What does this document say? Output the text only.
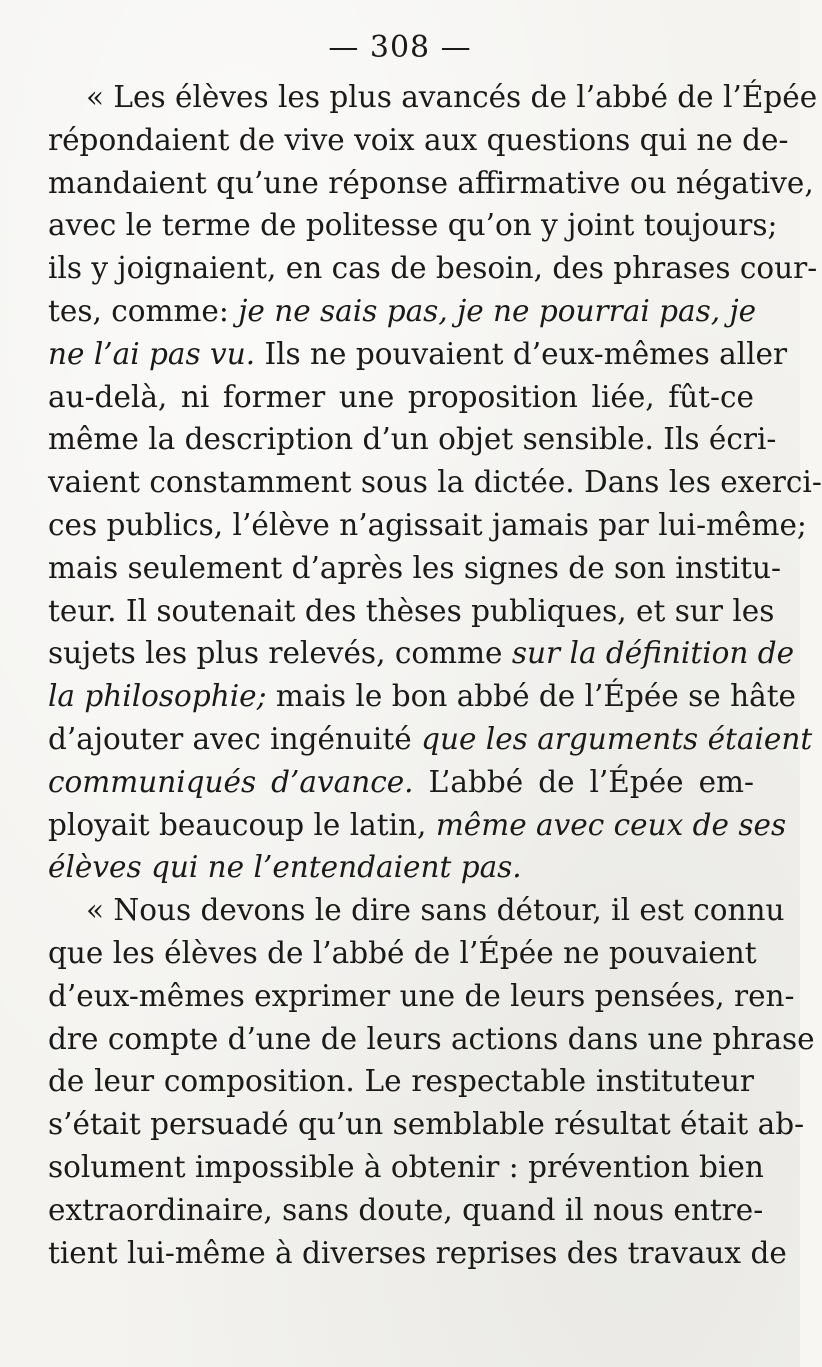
— 308 —
« Les élèves les plus avancés de l’abbé de l’Épée
répondaient de vive voix aux questions qui ne de-
mandaient qu’une réponse affirmative ou négative,
avec le terme de politesse qu’on y joint toujours;
ils y joignaient, en cas de besoin, des phrases cour-
tes, comme: je ne sais pas, je ne pourrai pas, je
ne l’ai pas vu. Ils ne pouvaient d’eux-mêmes aller
au-delà, ni former une proposition liée, fût-ce
même la description d’un objet sensible. Ils écri-
vaient constamment sous la dictée. Dans les exerci-
ces publics, l’élève n’agissait jamais par lui-même;
mais seulement d’après les signes de son institu-
teur. Il soutenait des thèses publiques, et sur les
sujets les plus relevés, comme sur la définition de
la philosophie; mais le bon abbé de l’Épée se hâte
d’ajouter avec ingénuité que les arguments étaient
communiqués d’avance. L’abbé de l’Épée em-
ployait beaucoup le latin, même avec ceux de ses
élèves qui ne l’entendaient pas.
« Nous devons le dire sans détour, il est connu
que les élèves de l’abbé de l’Épée ne pouvaient
d’eux-mêmes exprimer une de leurs pensées, ren-
dre compte d’une de leurs actions dans une phrase
de leur composition. Le respectable instituteur
s’était persuadé qu’un semblable résultat était ab-
solument impossible à obtenir : prévention bien
extraordinaire, sans doute, quand il nous entre-
tient lui-même à diverses reprises des travaux de
